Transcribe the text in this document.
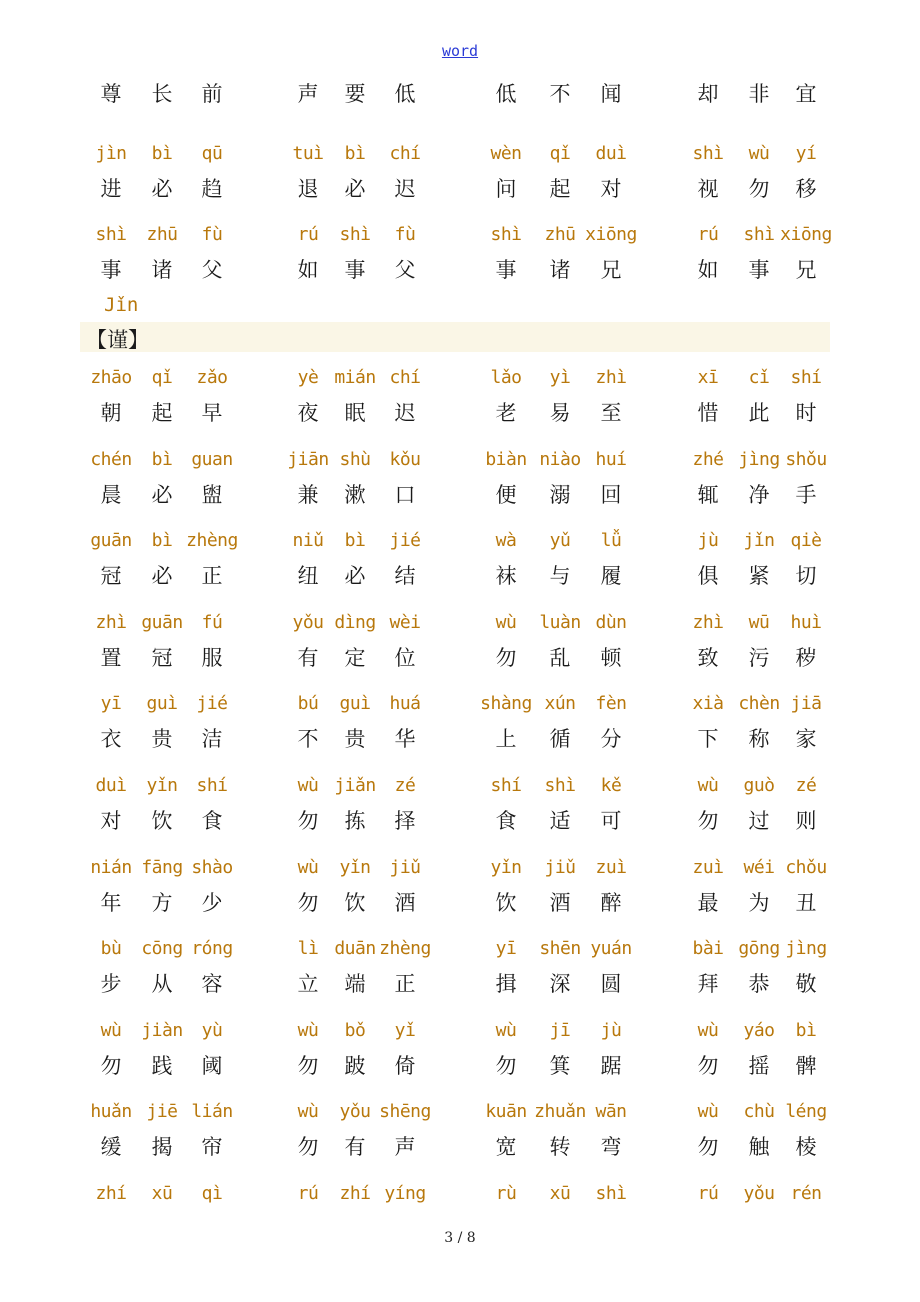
word
尊	长	前	声	要	低	低	不	闻	却	非	宜
jìn	bì	qū	tuì	bì	chí	wèn	qǐ	duì	shì	wù	yí
进	必	趋	退	必	迟	问	起	对	视	勿	移
shì	zhū	fù	rú	shì	fù	shì	zhū xiōng	rú	shì xiōng
事	诸	父	如	事	父	事	诸	兄	如	事	兄
Jǐn
【谨】
zhāo	qǐ	zǎo	yè mián chí	lǎo	yì	zhì	xī	cǐ	shí
朝	起	早	夜	眠	迟	老	易	至	惜	此	时
chén	bì	guan	jiān shù	kǒu	biàn niào huí	zhé jìng shǒu
晨	必	盥	兼	漱	口	便	溺	回	辄	净	手
guān	bì zhèng	niǔ	bì	jié	wà	yǔ	lǚ	jù	jǐn qiè
冠	必	正	纽	必	结	袜	与	履	俱	紧	切
zhì guān	fú	yǒu dìng wèi	wù	luàn dùn	zhì	wū	huì
置	冠	服	有	定	位	勿	乱	顿	致	污	秽
yī	guì	jié	bú	guì	huá	shàng xún	fèn	xià chèn jiā
衣	贵	洁	不	贵	华	上	循	分	下	称	家
duì	yǐn	shí	wù jiǎn	zé	shí	shì	kě	wù	guò	zé
对	饮	食	勿	拣	择	食	适	可	勿	过	则
nián fāng shào	wù	yǐn	jiǔ	yǐn	jiǔ	zuì	zuì	wéi chǒu
年	方	少	勿	饮	酒	饮	酒	醉	最	为	丑
bù	cōng róng	lì duān zhèng	yī	shēn yuán	bài gōng jìng
步	从	容	立	端	正	揖	深	圆	拜	恭	敬
wù	jiàn	yù	wù	bǒ	yǐ	wù	jī	jù	wù	yáo	bì
勿	践	阈	勿	跛	倚	勿	箕	踞	勿	摇	髀
huǎn jiē lián	wù	yǒu shēng	kuān zhuǎn wān	wù	chù léng
缓	揭	帘	勿	有	声	宽	转	弯	勿	触	棱
zhí	xū	qì	rú	zhí yíng	rù	xū	shì	rú	yǒu rén
3 / 8
